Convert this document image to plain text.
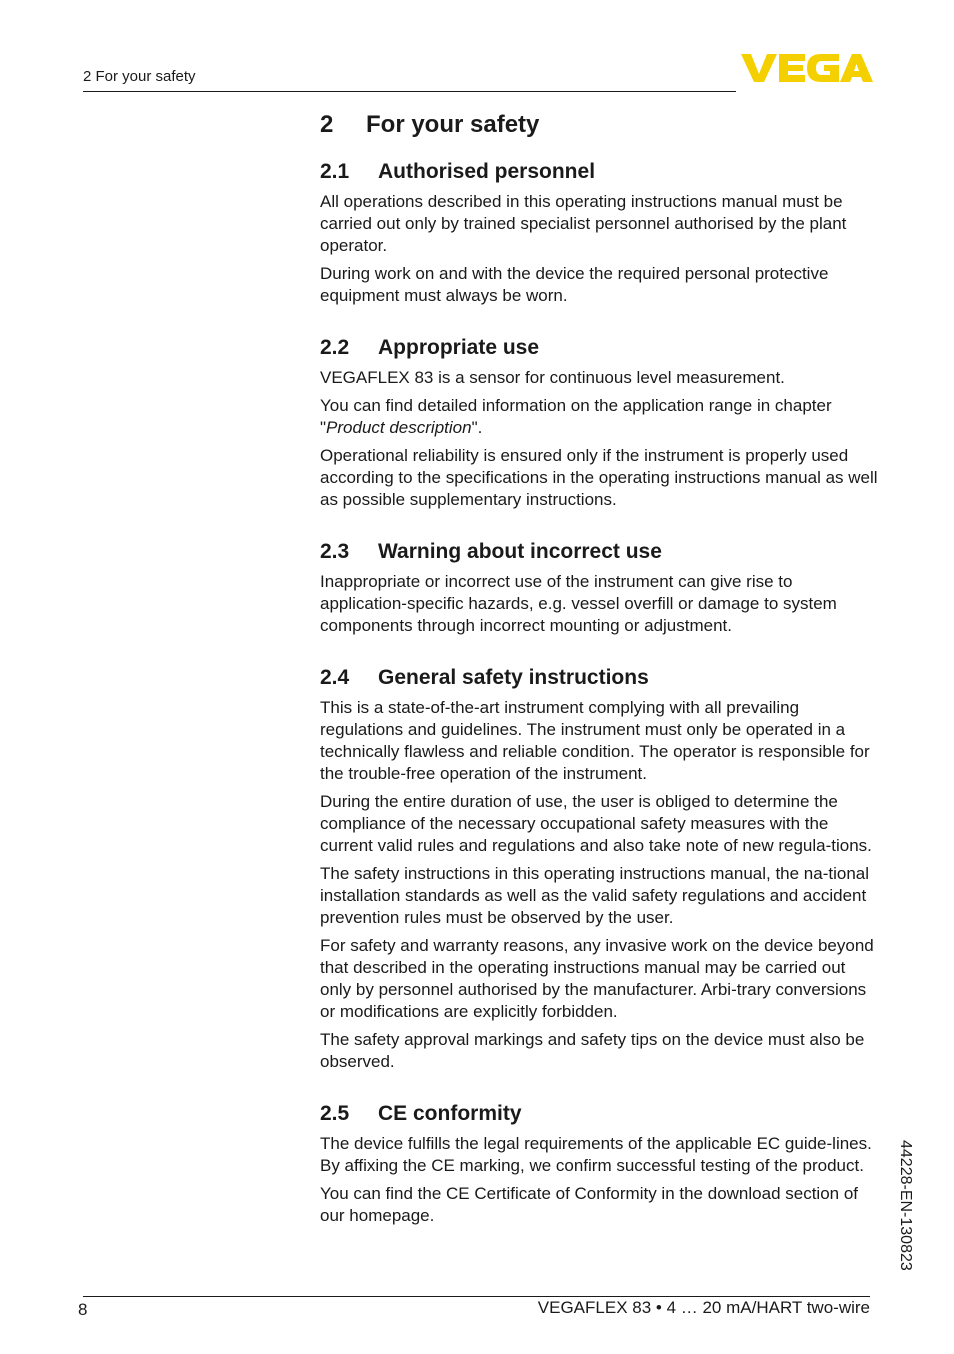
2 For your safety	VEGA
2	For your safety
2.1	Authorised personnel

All operations described in this operating instructions manual must be carried out only by trained specialist personnel authorised by the plant operator.

During work on and with the device the required personal protective equipment must always be worn.

2.2	Appropriate use

VEGAFLEX 83 is a sensor for continuous level measurement.

You can find detailed information on the application range in chapter "Product description".

Operational reliability is ensured only if the instrument is properly used according to the specifications in the operating instructions manual as well as possible supplementary instructions.

2.3	Warning about incorrect use

Inappropriate or incorrect use of the instrument can give rise to application-specific hazards, e.g. vessel overfill or damage to system components through incorrect mounting or adjustment.

2.4	General safety instructions

This is a state-of-the-art instrument complying with all prevailing regulations and guidelines. The instrument must only be operated in a technically flawless and reliable condition. The operator is responsible for the trouble-free operation of the instrument.

During the entire duration of use, the user is obliged to determine the compliance of the necessary occupational safety measures with the current valid rules and regulations and also take note of new regula-tions.

The safety instructions in this operating instructions manual, the na-tional installation standards as well as the valid safety regulations and accident prevention rules must be observed by the user.

For safety and warranty reasons, any invasive work on the device beyond that described in the operating instructions manual may be carried out only by personnel authorised by the manufacturer. Arbi-trary conversions or modifications are explicitly forbidden.

The safety approval markings and safety tips on the device must also be observed.

2.5	CE conformity

The device fulfills the legal requirements of the applicable EC guide-lines. By affixing the CE marking, we confirm successful testing of the product.

You can find the CE Certificate of Conformity in the download section of our homepage.	44228-EN-130823
8	VEGAFLEX 83 • 4 … 20 mA/HART two-wire
